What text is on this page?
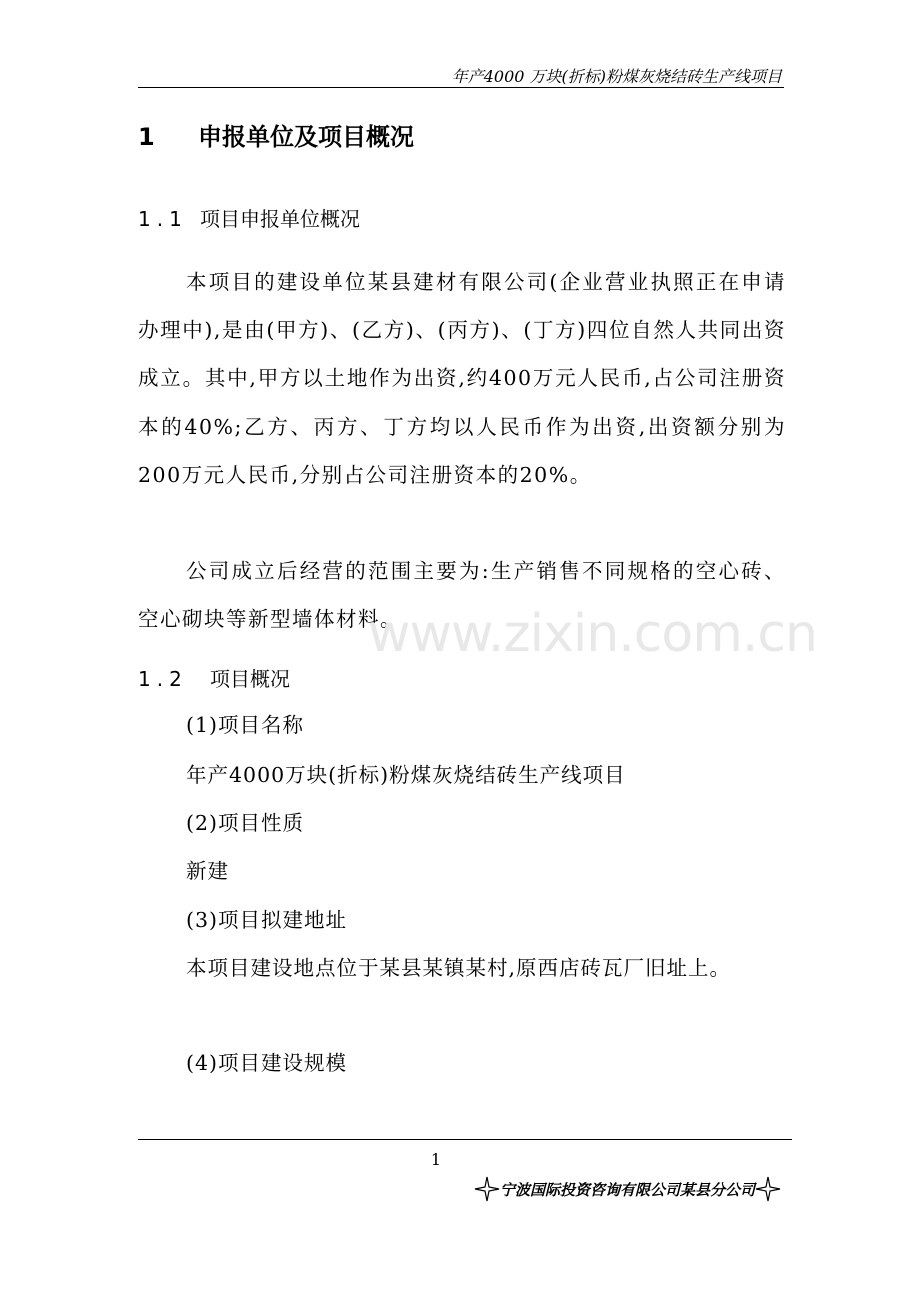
年产4000 万块(折标)粉煤灰烧结砖生产线项目
1 申报单位及项目概况
1.1 项目申报单位概况
本项目的建设单位某县建材有限公司(企业营业执照正在申请办理中),是由(甲方)、(乙方)、(丙方)、(丁方)四位自然人共同出资成立。其中,甲方以土地作为出资,约400万元人民币,占公司注册资本的40%;乙方、丙方、丁方均以人民币作为出资,出资额分别为200万元人民币,分别占公司注册资本的20%。
公司成立后经营的范围主要为:生产销售不同规格的空心砖、空心砌块等新型墙体材料。
www.zixin.com.cn
1.2 项目概况
(1)项目名称
年产4000万块(折标)粉煤灰烧结砖生产线项目
(2)项目性质
新建
(3)项目拟建地址
本项目建设地点位于某县某镇某村,原西店砖瓦厂旧址上。
(4)项目建设规模
1
宁波国际投资咨询有限公司某县分公司
